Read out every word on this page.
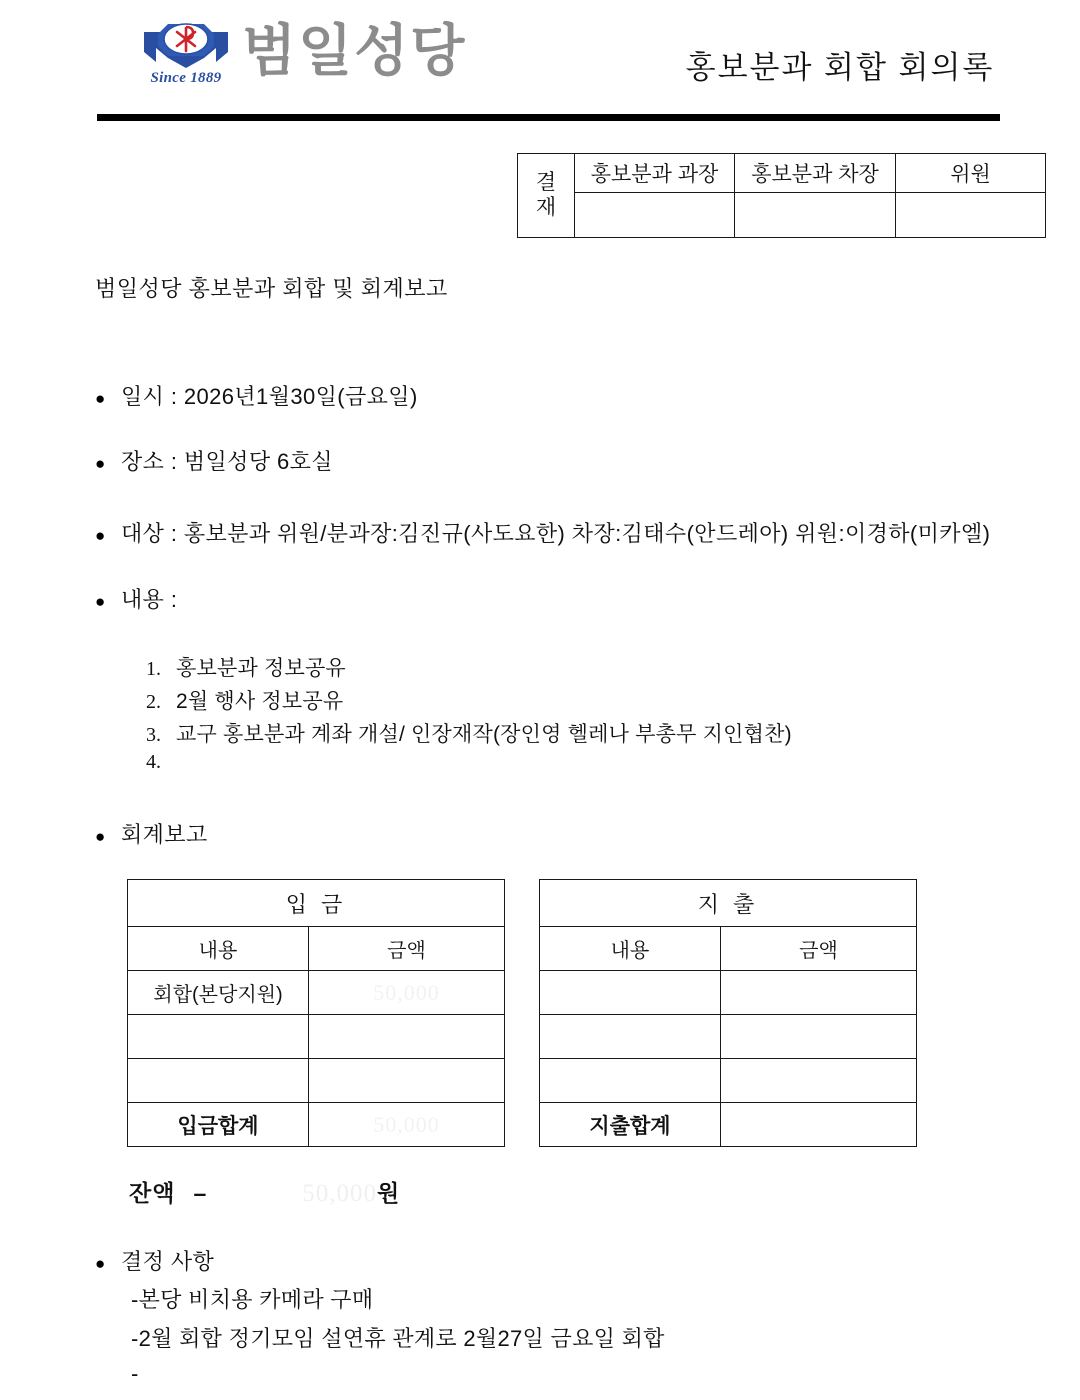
Since 1889 범일성당	홍보분과 회합 회의록
결
재	홍보분과 과장	홍보분과 차장	위원

범일성당 홍보분과 회합 및 회계보고
● 일시 :
2026년1월30일(금요일)
● 장소 :
범일성당 6호실
● 대상 :
홍보분과 위원/분과장:김진규(사도요한) 차장:김태수(안드레아) 위원:이경하(미카엘)
● 내용 :
1. 홍보분과 정보공유
2. 2월 행사 정보공유
3. 교구 홍보분과 계좌 개설/ 인장재작(장인영 헬레나 부총무 지인협찬)
4.
● 회계보고
입 금	
내용	금액
회합(본당지원)	50,000

입금합계	50,000
지 출	
내용	금액

지출합계	
잔액 –	50,000 원
● 결정 사항
-본당 비치용 카메라 구매
-2월 회합 정기모임 설연휴 관계로 2월27일 금요일 회합
-
